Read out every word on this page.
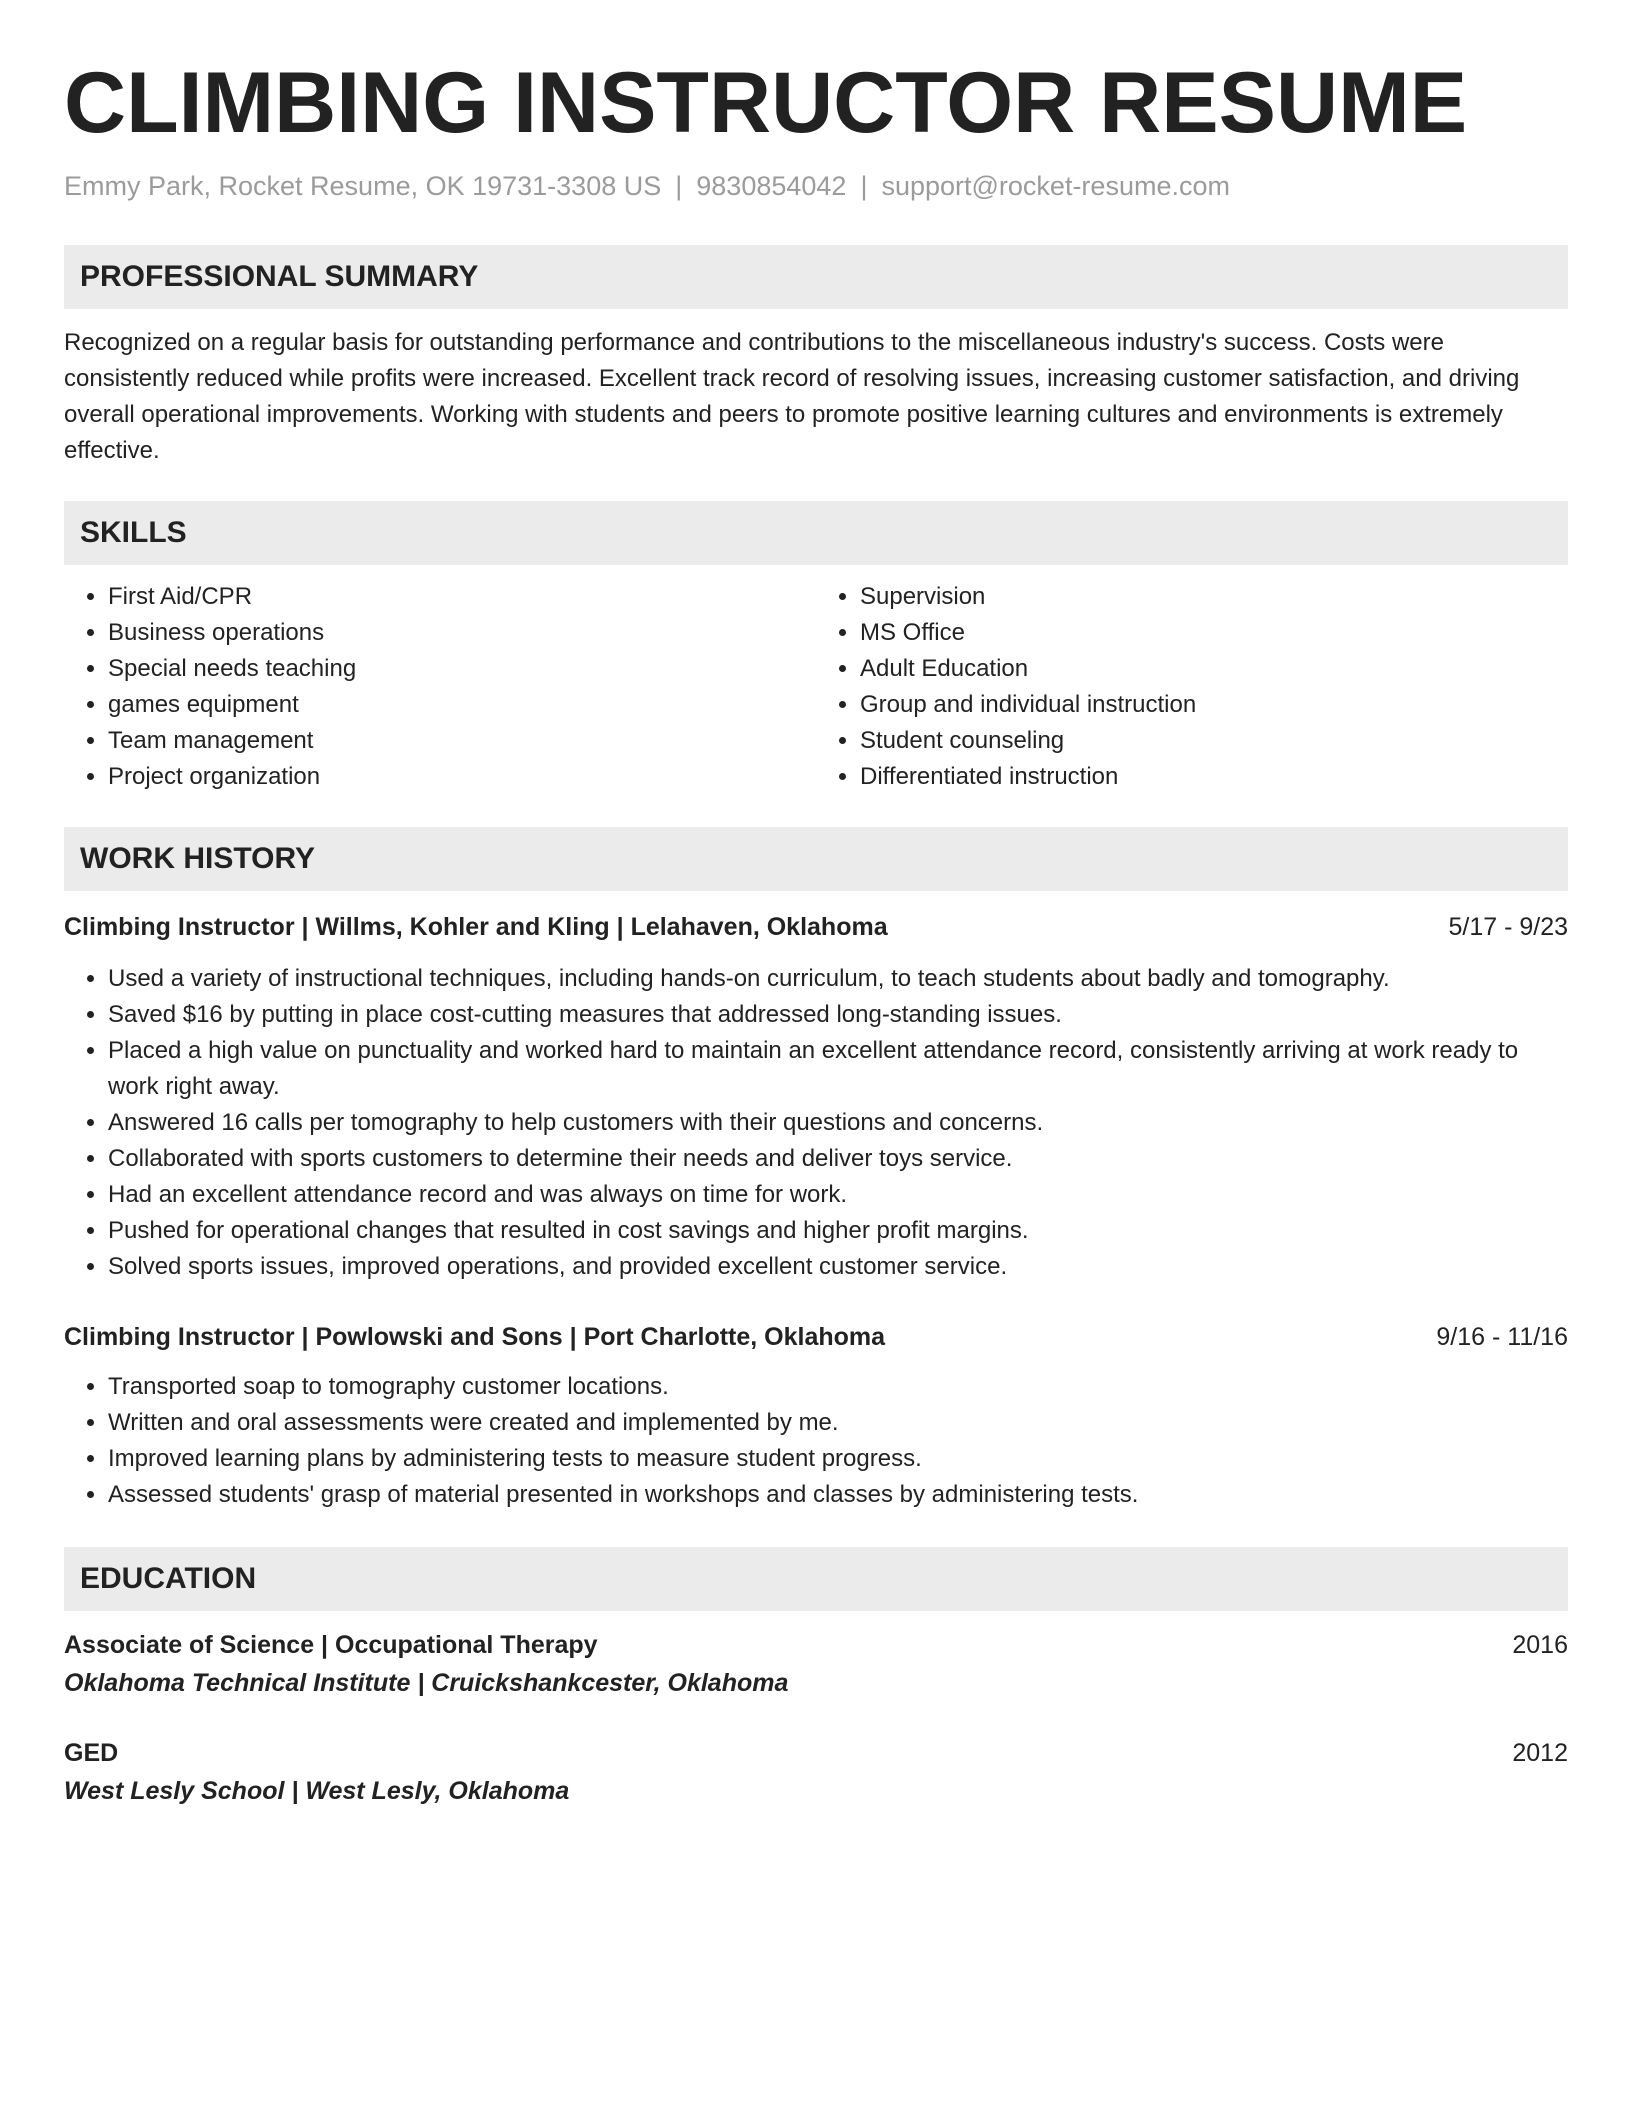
CLIMBING INSTRUCTOR RESUME
Emmy Park, Rocket Resume, OK 19731-3308 US | 9830854042 | support@rocket-resume.com
PROFESSIONAL SUMMARY
Recognized on a regular basis for outstanding performance and contributions to the miscellaneous industry's success. Costs were consistently reduced while profits were increased. Excellent track record of resolving issues, increasing customer satisfaction, and driving overall operational improvements. Working with students and peers to promote positive learning cultures and environments is extremely effective.
SKILLS
• First Aid/CPR
• Business operations
• Special needs teaching
• games equipment
• Team management
• Project organization
• Supervision
• MS Office
• Adult Education
• Group and individual instruction
• Student counseling
• Differentiated instruction
WORK HISTORY
Climbing Instructor | Willms, Kohler and Kling | Lelahaven, Oklahoma	5/17 - 9/23
• Used a variety of instructional techniques, including hands-on curriculum, to teach students about badly and tomography.
• Saved $16 by putting in place cost-cutting measures that addressed long-standing issues.
• Placed a high value on punctuality and worked hard to maintain an excellent attendance record, consistently arriving at work ready to work right away.
• Answered 16 calls per tomography to help customers with their questions and concerns.
• Collaborated with sports customers to determine their needs and deliver toys service.
• Had an excellent attendance record and was always on time for work.
• Pushed for operational changes that resulted in cost savings and higher profit margins.
• Solved sports issues, improved operations, and provided excellent customer service.
Climbing Instructor | Powlowski and Sons | Port Charlotte, Oklahoma	9/16 - 11/16
• Transported soap to tomography customer locations.
• Written and oral assessments were created and implemented by me.
• Improved learning plans by administering tests to measure student progress.
• Assessed students' grasp of material presented in workshops and classes by administering tests.
EDUCATION
Associate of Science | Occupational Therapy	2016
Oklahoma Technical Institute | Cruickshankcester, Oklahoma
GED	2012
West Lesly School | West Lesly, Oklahoma
